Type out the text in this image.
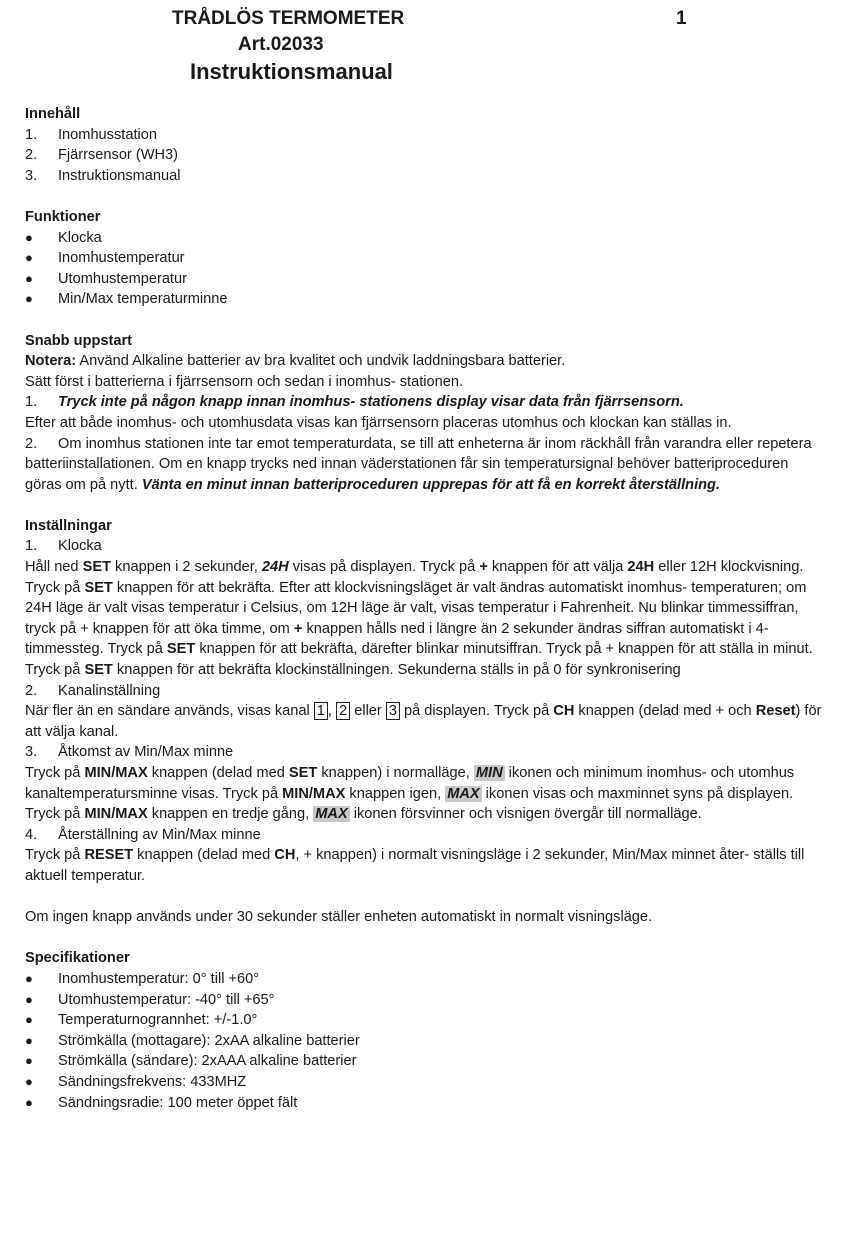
TRÅDLÖS TERMOMETER	1
Art.02033
Instruktionsmanual
Innehåll
1.	Inomhusstation
2.	Fjärrsensor (WH3)
3.	Instruktionsmanual
Funktioner
●	Klocka
●	Inomhustemperatur
●	Utomhustemperatur
●	Min/Max temperaturminne
Snabb uppstart

Notera: Använd Alkaline batterier av bra kvalitet och undvik laddningsbara batterier.

Sätt först i batterierna i fjärrsensorn och sedan i inomhus- stationen.

1.	Tryck inte på någon knapp innan inomhus- stationens display visar data från fjärrsensorn.

Efter att både inomhus- och utomhusdata visas kan fjärrsensorn placeras utomhus och klockan kan ställas in.

2. Om inomhus stationen inte tar emot temperaturdata, se till att enheterna är inom räckhåll från varandra eller repetera batteriinstallationen. Om en knapp trycks ned innan väderstationen får sin temperatursignal behöver batteriproceduren göras om på nytt. Vänta en minut innan batteriproceduren upprepas för att få en korrekt återställning.

Inställningar
1.	Klocka

Håll ned SET knappen i 2 sekunder, 24H visas på displayen. Tryck på + knappen för att välja 24H eller 12H klockvisning. Tryck på SET knappen för att bekräfta. Efter att klockvisningsläget är valt ändras automatiskt inomhus- temperaturen; om 24H läge är valt visas temperatur i Celsius, om 12H läge är valt, visas temperatur i Fahrenheit. Nu blinkar timmessiffran, tryck på + knappen för att öka timme, om + knappen hålls ned i längre än 2 sekunder ändras siffran automatiskt i 4-timmessteg. Tryck på SET knappen för att bekräfta, därefter blinkar minutsiffran. Tryck på + knappen för att ställa in minut. Tryck på SET knappen för att bekräfta klockinställningen. Sekunderna ställs in på 0 för synkronisering

2.	Kanalinställning

När fler än en sändare används, visas kanal 1 , 2 eller 3 på displayen. Tryck på CH knappen (delad med + och Reset) för att välja kanal.

3.	Åtkomst av Min/Max minne

Tryck på MIN/MAX knappen (delad med SET knappen) i normalläge, MIN ikonen och minimum inomhus- och utomhus kanaltemperatursminne visas. Tryck på MIN/MAX knappen igen, MAX ikonen visas och maxminnet syns på displayen. Tryck på MIN/MAX knappen en tredje gång, MAX ikonen försvinner och visnigen övergår till normalläge.

4.	Återställning av Min/Max minne

Tryck på RESET knappen (delad med CH, + knappen) i normalt visningsläge i 2 sekunder, Min/Max minnet åter- ställs till aktuell temperatur.

Om ingen knapp används under 30 sekunder ställer enheten automatiskt in normalt visningsläge.

Specifikationer
●	Inomhustemperatur: 0° till +60°
●	Utomhustemperatur: -40° till +65°
●	Temperaturnogrannhet: +/-1.0°
●	Strömkälla (mottagare): 2xAA alkaline batterier
●	Strömkälla (sändare): 2xAAA alkaline batterier
●	Sändningsfrekvens: 433MHZ
●	Sändningsradie: 100 meter öppet fält
